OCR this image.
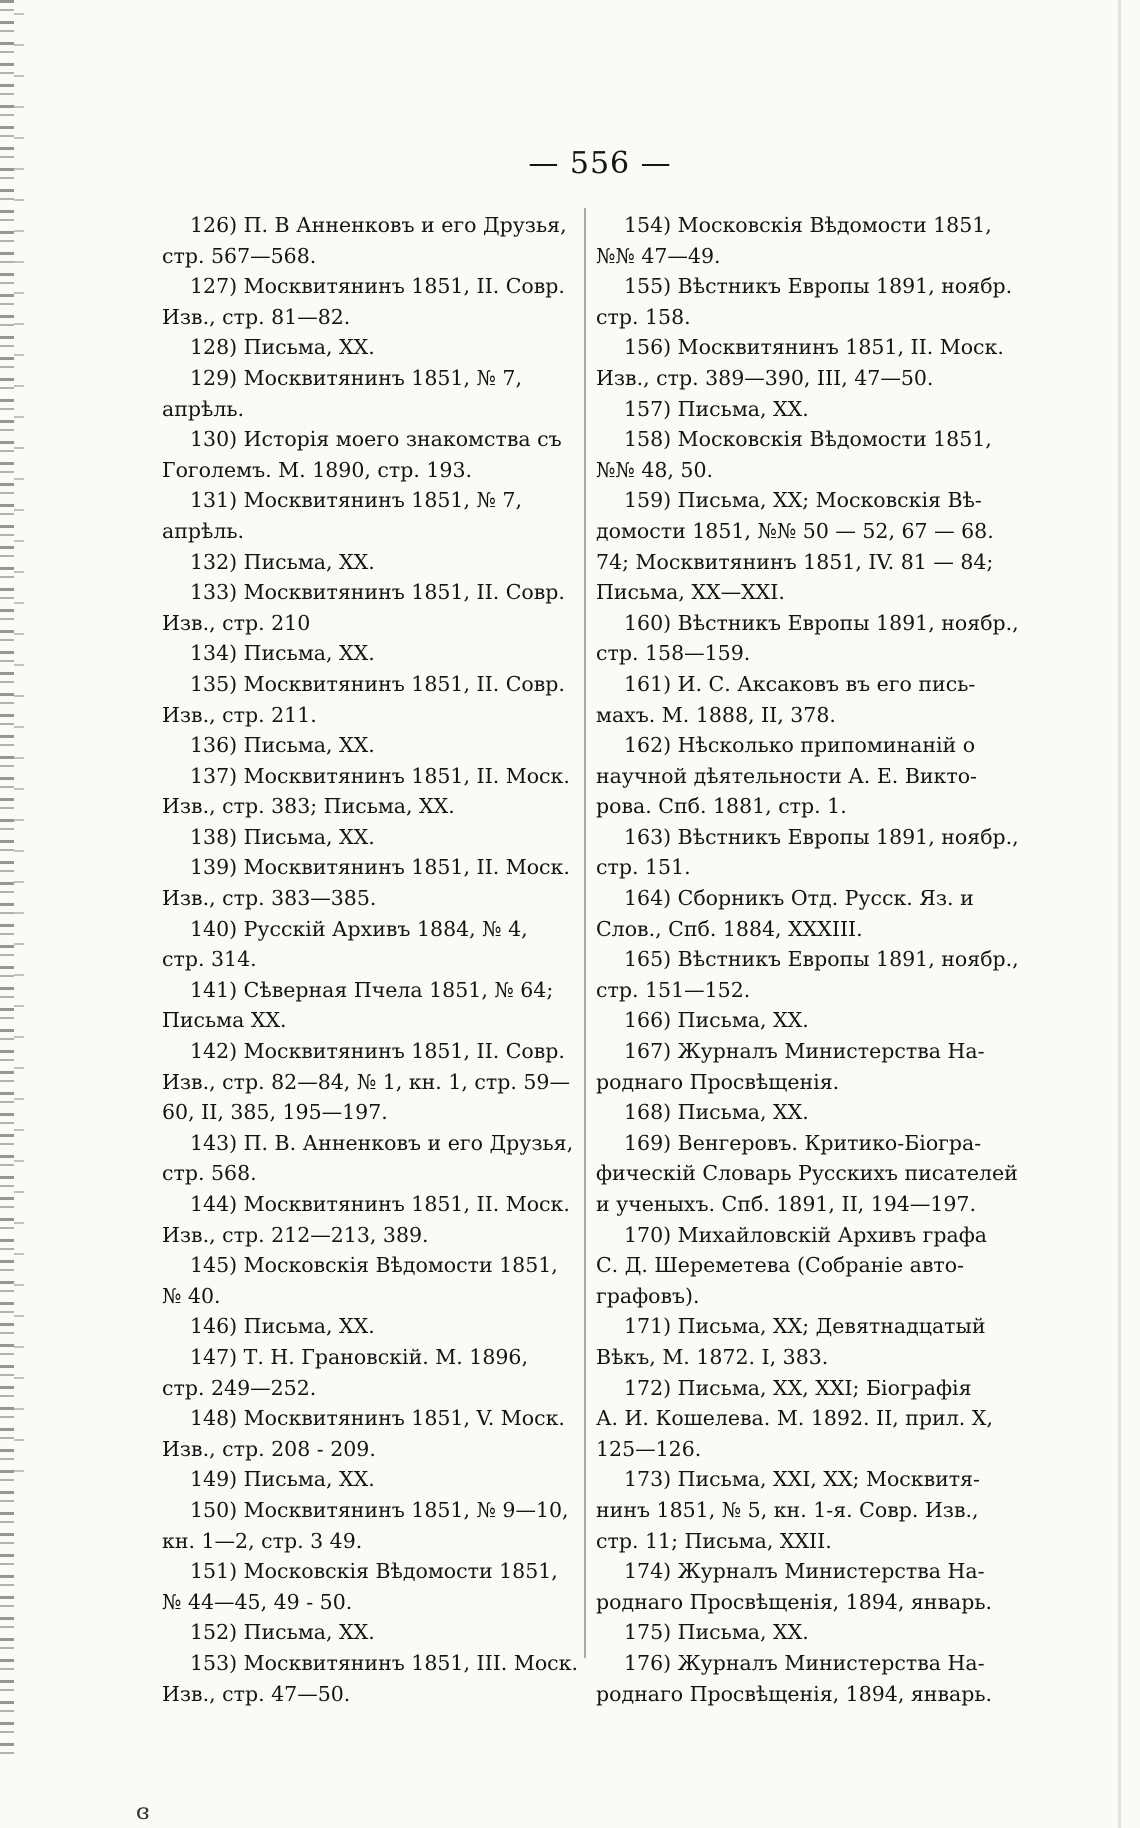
— 556 —
126) П. В Анненковъ и его Друзья,
стр. 567—568.
127) Москвитянинъ 1851, II. Совр.
Изв., стр. 81—82.
128) Письма, XX.
129) Москвитянинъ 1851, № 7,
апрѣль.
130) Исторія моего знакомства съ
Гоголемъ. М. 1890, стр. 193.
131) Москвитянинъ 1851, № 7,
апрѣль.
132) Письма, XX.
133) Москвитянинъ 1851, II. Совр.
Изв., стр. 210
134) Письма, XX.
135) Москвитянинъ 1851, II. Совр.
Изв., стр. 211.
136) Письма, XX.
137) Москвитянинъ 1851, II. Моск.
Изв., стр. 383; Письма, XX.
138) Письма, XX.
139) Москвитянинъ 1851, II. Моск.
Изв., стр. 383—385.
140) Русскій Архивъ 1884, № 4,
стр. 314.
141) Сѣверная Пчела 1851, № 64;
Письма XX.
142) Москвитянинъ 1851, II. Совр.
Изв., стр. 82—84, № 1, кн. 1, стр. 59—
60, II, 385, 195—197.
143) П. В. Анненковъ и его Друзья,
стр. 568.
144) Москвитянинъ 1851, II. Моск.
Изв., стр. 212—213, 389.
145) Московскія Вѣдомости 1851,
№ 40.
146) Письма, XX.
147) Т. Н. Грановскій. М. 1896,
стр. 249—252.
148) Москвитянинъ 1851, V. Моск.
Изв., стр. 208 - 209.
149) Письма, XX.
150) Москвитянинъ 1851, № 9—10,
кн. 1—2, стр. 3 49.
151) Московскія Вѣдомости 1851,
№ 44—45, 49 - 50.
152) Письма, XX.
153) Москвитянинъ 1851, III. Моск.
Изв., стр. 47—50.
154) Московскія Вѣдомости 1851,
№№ 47—49.
155) Вѣстникъ Европы 1891, ноябр.
стр. 158.
156) Москвитянинъ 1851, II. Моск.
Изв., стр. 389—390, III, 47—50.
157) Письма, XX.
158) Московскія Вѣдомости 1851,
№№ 48, 50.
159) Письма, XX; Московскія Вѣ-
домости 1851, №№ 50 — 52, 67 — 68.
74; Москвитянинъ 1851, IV. 81 — 84;
Письма, XX—XXI.
160) Вѣстникъ Европы 1891, ноябр.,
стр. 158—159.
161) И. С. Аксаковъ въ его пись-
махъ. М. 1888, II, 378.
162) Нѣсколько припоминаній о
научной дѣятельности А. Е. Викто-
рова. Спб. 1881, стр. 1.
163) Вѣстникъ Европы 1891, ноябр.,
стр. 151.
164) Сборникъ Отд. Русск. Яз. и
Слов., Спб. 1884, XXXIII.
165) Вѣстникъ Европы 1891, ноябр.,
стр. 151—152.
166) Письма, XX.
167) Журналъ Министерства На-
роднаго Просвѣщенія.
168) Письма, XX.
169) Венгеровъ. Критико-Біогра-
фическій Словарь Русскихъ писателей
и ученыхъ. Спб. 1891, II, 194—197.
170) Михайловскій Архивъ графа
С. Д. Шереметева (Собраніе авто-
графовъ).
171) Письма, XX; Девятнадцатый
Вѣкъ, М. 1872. I, 383.
172) Письма, XX, XXI; Біографія
А. И. Кошелева. М. 1892. II, прил. X,
125—126.
173) Письма, XXI, XX; Москвитя-
нинъ 1851, № 5, кн. 1-я. Совр. Изв.,
стр. 11; Письма, XXII.
174) Журналъ Министерства На-
роднаго Просвѣщенія, 1894, январь.
175) Письма, XX.
176) Журналъ Министерства На-
роднаго Просвѣщенія, 1894, январь.
ɞ
